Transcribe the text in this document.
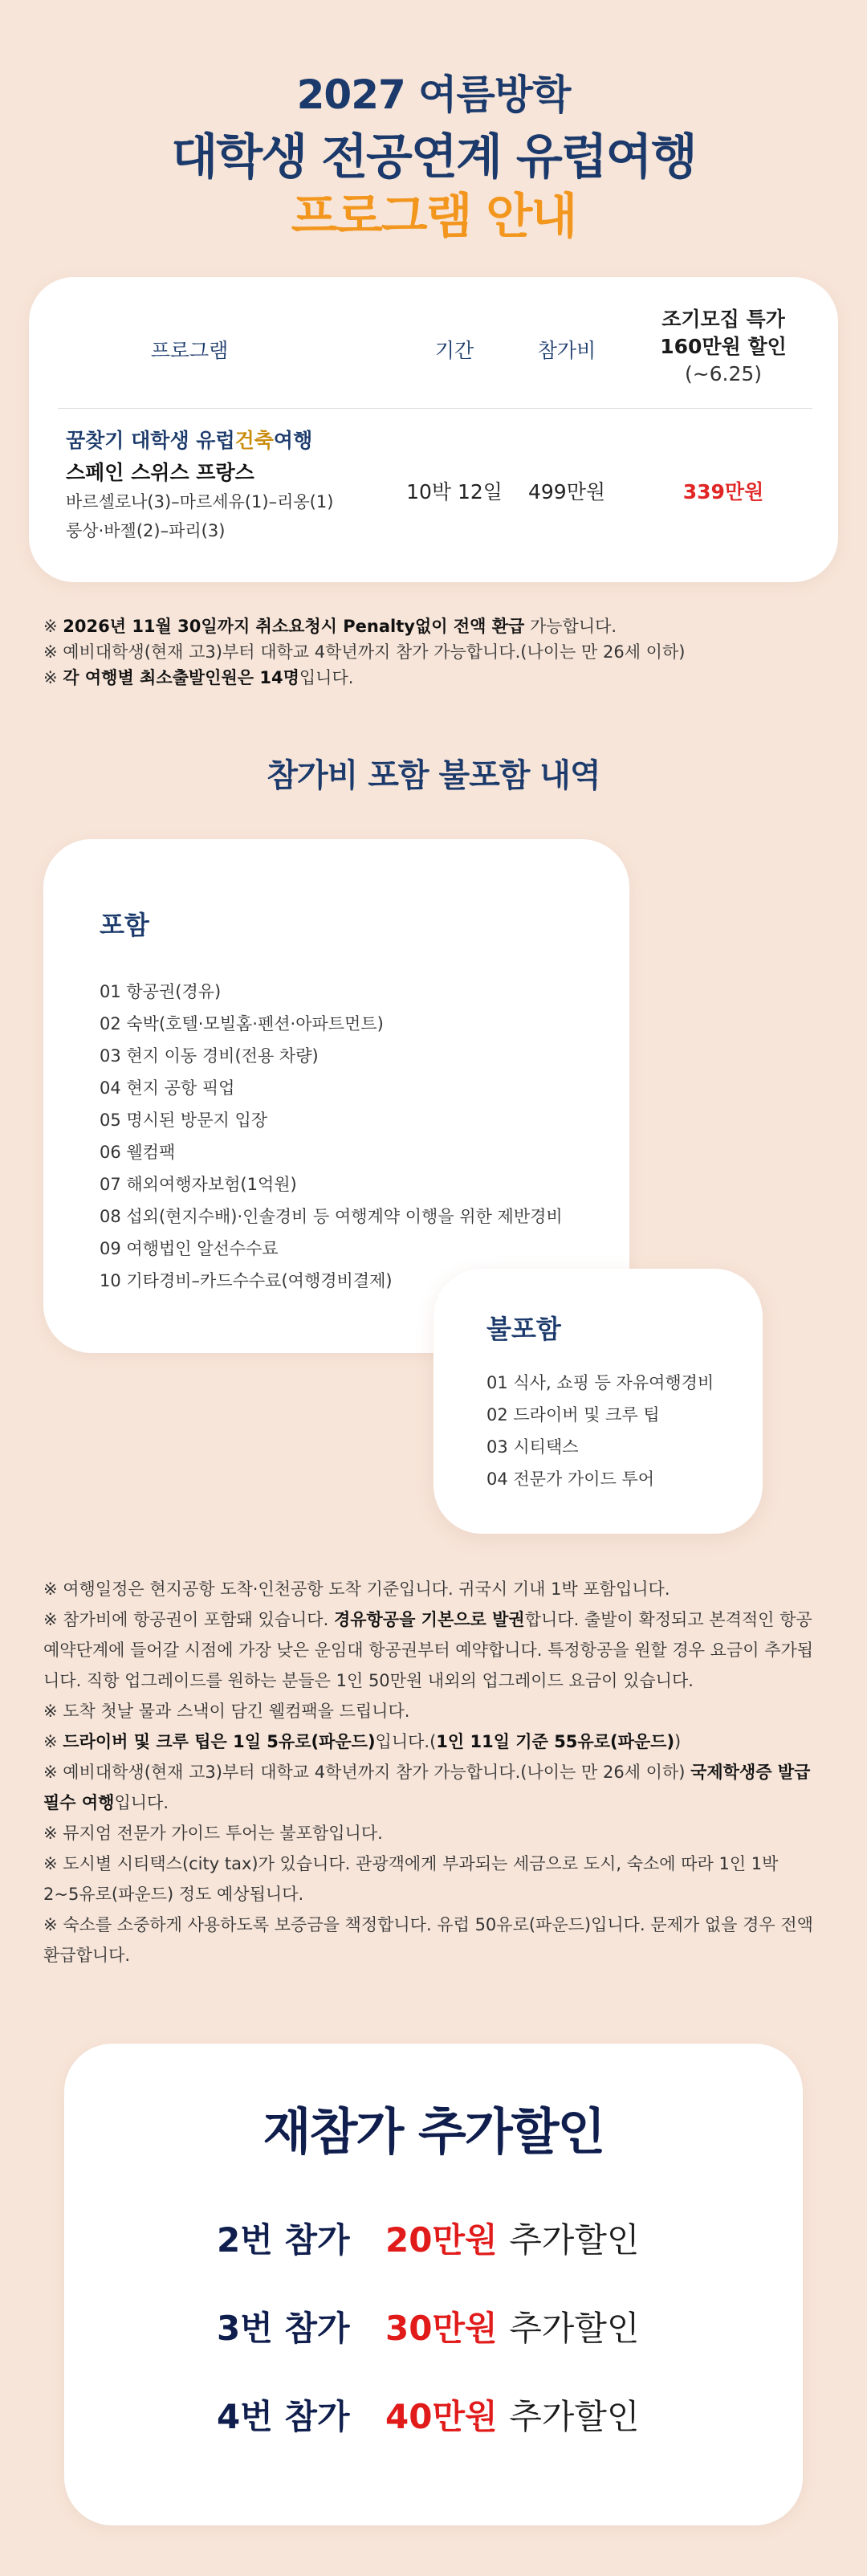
2027 여름방학
대학생 전공연계 유럽여행
프로그램 안내
프로그램	기간	참가비
조기모집 특가
160만원 할인
(~6.25)
꿈찾기 대학생 유럽건축여행
스페인 스위스 프랑스
바르셀로나(3)–마르세유(1)–리옹(1)
룽상·바젤(2)–파리(3)
10박 12일	499만원	339만원
※ 2026년 11월 30일까지 취소요청시 Penalty없이 전액 환급 가능합니다.
※ 예비대학생(현재 고3)부터 대학교 4학년까지 참가 가능합니다.(나이는 만 26세 이하)
※ 각 여행별 최소출발인원은 14명입니다.
참가비 포함 불포함 내역
포함
01 항공권(경유)
02 숙박(호텔·모빌홈·펜션·아파트먼트)
03 현지 이동 경비(전용 차량)
04 현지 공항 픽업
05 명시된 방문지 입장
06 웰컴팩
07 해외여행자보험(1억원)
08 섭외(현지수배)·인솔경비 등 여행계약 이행을 위한 제반경비
09 여행법인 알선수수료
10 기타경비–카드수수료(여행경비결제)
불포함
01 식사, 쇼핑 등 자유여행경비
02 드라이버 및 크루 팁
03 시티택스
04 전문가 가이드 투어
※ 여행일정은 현지공항 도착·인천공항 도착 기준입니다. 귀국시 기내 1박 포함입니다.
※ 참가비에 항공권이 포함돼 있습니다. 경유항공을 기본으로 발권합니다. 출발이 확정되고 본격적인 항공예약단계에 들어갈 시점에 가장 낮은 운임대 항공권부터 예약합니다. 특정항공을 원할 경우 요금이 추가됩니다. 직항 업그레이드를 원하는 분들은 1인 50만원 내외의 업그레이드 요금이 있습니다.
※ 도착 첫날 물과 스낵이 담긴 웰컴팩을 드립니다.
※ 드라이버 및 크루 팁은 1일 5유로(파운드)입니다.(1인 11일 기준 55유로(파운드))
※ 예비대학생(현재 고3)부터 대학교 4학년까지 참가 가능합니다.(나이는 만 26세 이하) 국제학생증 발급 필수 여행입니다.
※ 뮤지엄 전문가 가이드 투어는 불포함입니다.
※ 도시별 시티택스(city tax)가 있습니다. 관광객에게 부과되는 세금으로 도시, 숙소에 따라 1인 1박 2~5유로(파운드) 정도 예상됩니다.
※ 숙소를 소중하게 사용하도록 보증금을 책정합니다. 유럽 50유로(파운드)입니다. 문제가 없을 경우 전액 환급합니다.
재참가 추가할인
2번 참가 20만원 추가할인
3번 참가 30만원 추가할인
4번 참가 40만원 추가할인
